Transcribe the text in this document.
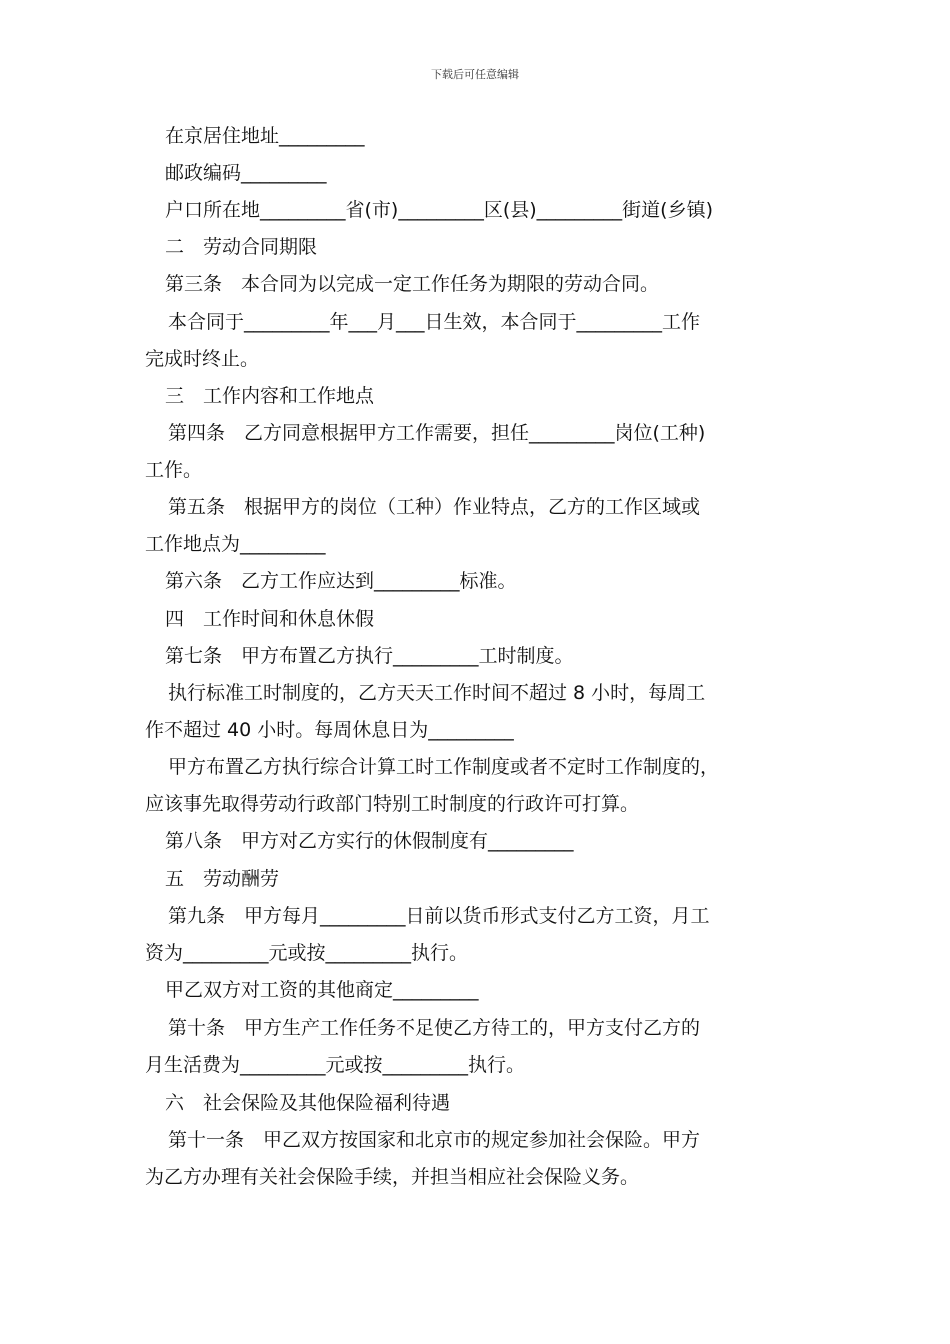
下载后可任意编辑
在京居住地址_________
邮政编码_________
户口所在地_________省(市)_________区(县)_________街道(乡镇)
二　劳动合同期限
第三条　本合同为以完成一定工作任务为期限的劳动合同。
本合同于_________年___月___日生效，本合同于_________工作
完成时终止。
三　工作内容和工作地点
第四条　乙方同意根据甲方工作需要，担任_________岗位(工种)
工作。
第五条　根据甲方的岗位（工种）作业特点，乙方的工作区域或
工作地点为_________
第六条　乙方工作应达到_________标准。
四　工作时间和休息休假
第七条　甲方布置乙方执行_________工时制度。
执行标准工时制度的，乙方天天工作时间不超过 8 小时，每周工
作不超过 40 小时。每周休息日为_________
甲方布置乙方执行综合计算工时工作制度或者不定时工作制度的，
应该事先取得劳动行政部门特别工时制度的行政许可打算。
第八条　甲方对乙方实行的休假制度有_________
五　劳动酬劳
第九条　甲方每月_________日前以货币形式支付乙方工资，月工
资为_________元或按_________执行。
甲乙双方对工资的其他商定_________
第十条　甲方生产工作任务不足使乙方待工的，甲方支付乙方的
月生活费为_________元或按_________执行。
六　社会保险及其他保险福利待遇
第十一条　甲乙双方按国家和北京市的规定参加社会保险。甲方
为乙方办理有关社会保险手续，并担当相应社会保险义务。
